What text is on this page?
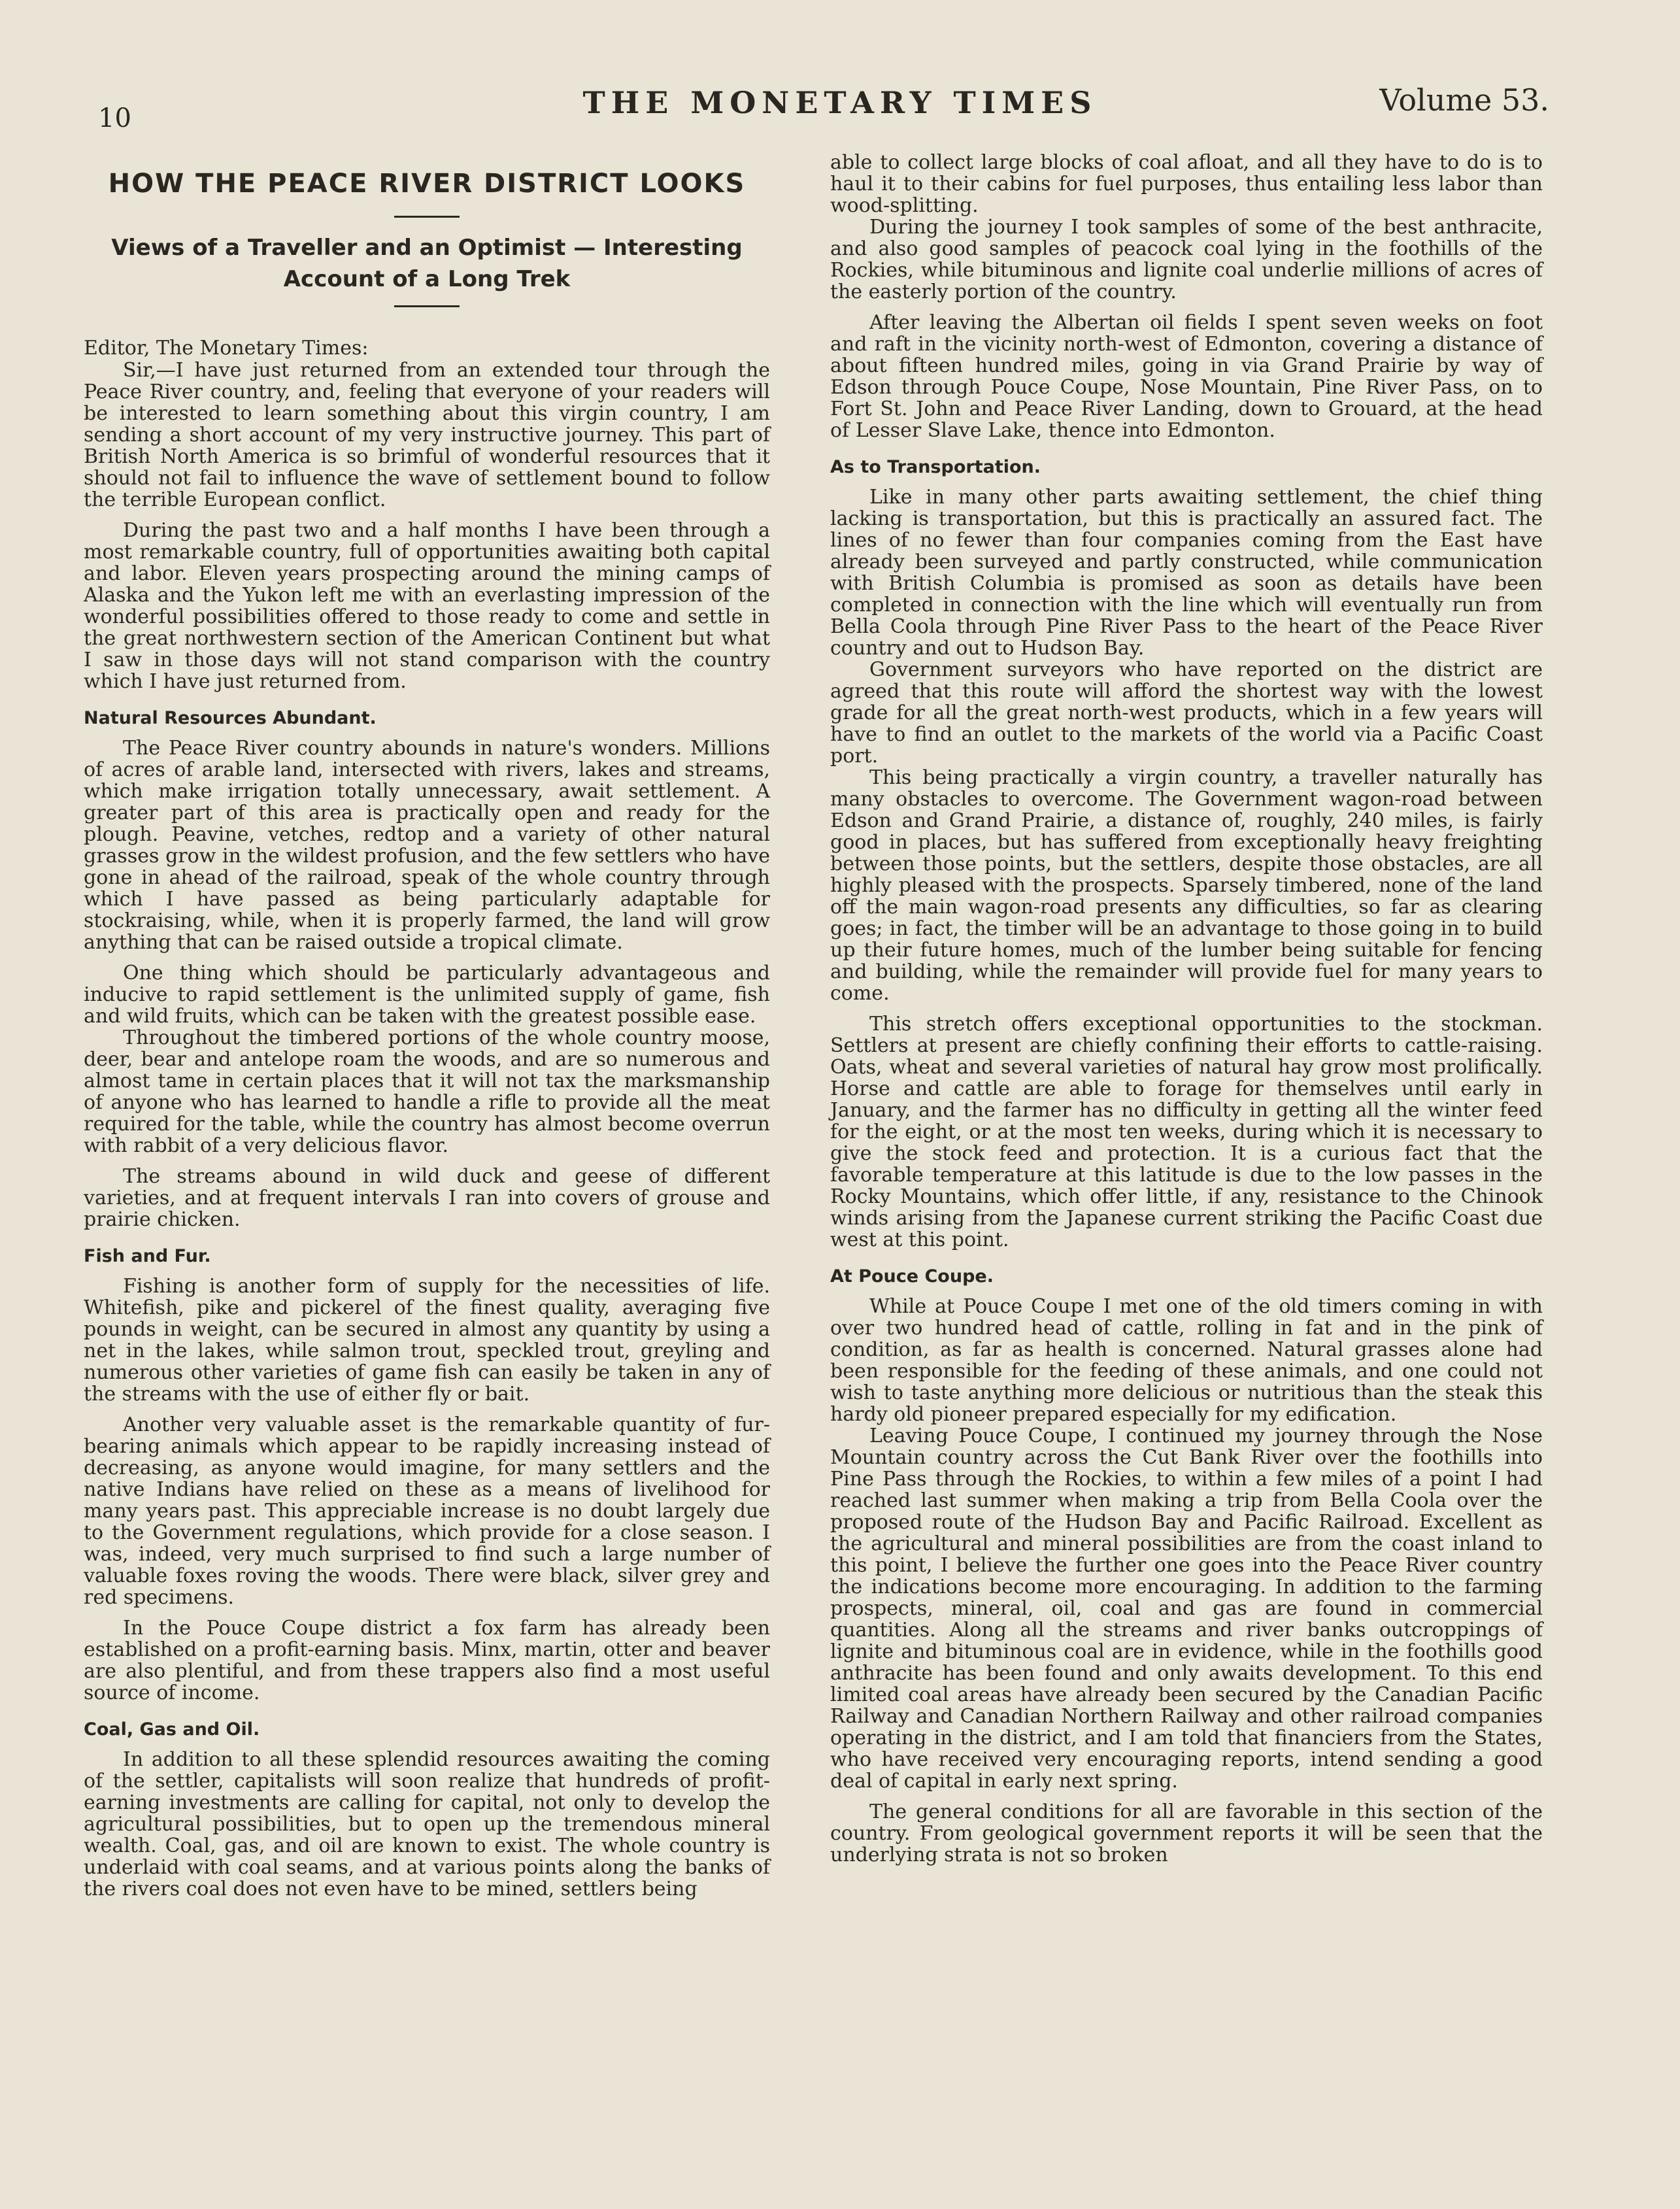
10	THE MONETARY TIMES	Volume 53.
HOW THE PEACE RIVER DISTRICT LOOKS
Views of a Traveller and an Optimist — Interesting
Account of a Long Trek
Editor, The Monetary Times:

Sir,—I have just returned from an extended tour through the Peace River country, and, feeling that everyone of your readers will be interested to learn something about this virgin country, I am sending a short account of my very instructive journey. This part of British North America is so brimful of wonderful resources that it should not fail to influence the wave of settlement bound to follow the terrible European conflict.

During the past two and a half months I have been through a most remarkable country, full of opportunities awaiting both capital and labor. Eleven years prospecting around the mining camps of Alaska and the Yukon left me with an everlasting impression of the wonderful possibilities offered to those ready to come and settle in the great northwestern section of the American Continent but what I saw in those days will not stand comparison with the country which I have just returned from.

Natural Resources Abundant.

The Peace River country abounds in nature's wonders. Millions of acres of arable land, intersected with rivers, lakes and streams, which make irrigation totally unnecessary, await settlement. A greater part of this area is practically open and ready for the plough. Peavine, vetches, redtop and a variety of other natural grasses grow in the wildest profusion, and the few settlers who have gone in ahead of the railroad, speak of the whole country through which I have passed as being particularly adaptable for stockraising, while, when it is properly farmed, the land will grow anything that can be raised outside a tropical climate.

One thing which should be particularly advantageous and inducive to rapid settlement is the unlimited supply of game, fish and wild fruits, which can be taken with the greatest possible ease.

Throughout the timbered portions of the whole country moose, deer, bear and antelope roam the woods, and are so numerous and almost tame in certain places that it will not tax the marksmanship of anyone who has learned to handle a rifle to provide all the meat required for the table, while the country has almost become overrun with rabbit of a very delicious flavor.

The streams abound in wild duck and geese of different varieties, and at frequent intervals I ran into covers of grouse and prairie chicken.

Fish and Fur.

Fishing is another form of supply for the necessities of life. Whitefish, pike and pickerel of the finest quality, averaging five pounds in weight, can be secured in almost any quantity by using a net in the lakes, while salmon trout, speckled trout, greyling and numerous other varieties of game fish can easily be taken in any of the streams with the use of either fly or bait.

Another very valuable asset is the remarkable quantity of fur-bearing animals which appear to be rapidly increasing instead of decreasing, as anyone would imagine, for many settlers and the native Indians have relied on these as a means of livelihood for many years past. This appreciable increase is no doubt largely due to the Government regulations, which provide for a close season. I was, indeed, very much surprised to find such a large number of valuable foxes roving the woods. There were black, silver grey and red specimens.

In the Pouce Coupe district a fox farm has already been established on a profit-earning basis. Minx, martin, otter and beaver are also plentiful, and from these trappers also find a most useful source of income.

Coal, Gas and Oil.

In addition to all these splendid resources awaiting the coming of the settler, capitalists will soon realize that hundreds of profit-earning investments are calling for capital, not only to develop the agricultural possibilities, but to open up the tremendous mineral wealth. Coal, gas, and oil are known to exist. The whole country is underlaid with coal seams, and at various points along the banks of the rivers coal does not even have to be mined, settlers being

able to collect large blocks of coal afloat, and all they have to do is to haul it to their cabins for fuel purposes, thus entailing less labor than wood-splitting.

During the journey I took samples of some of the best anthracite, and also good samples of peacock coal lying in the foothills of the Rockies, while bituminous and lignite coal underlie millions of acres of the easterly portion of the country.

After leaving the Albertan oil fields I spent seven weeks on foot and raft in the vicinity north-west of Edmonton, covering a distance of about fifteen hundred miles, going in via Grand Prairie by way of Edson through Pouce Coupe, Nose Mountain, Pine River Pass, on to Fort St. John and Peace River Landing, down to Grouard, at the head of Lesser Slave Lake, thence into Edmonton.

As to Transportation.

Like in many other parts awaiting settlement, the chief thing lacking is transportation, but this is practically an assured fact. The lines of no fewer than four companies coming from the East have already been surveyed and partly constructed, while communication with British Columbia is promised as soon as details have been completed in connection with the line which will eventually run from Bella Coola through Pine River Pass to the heart of the Peace River country and out to Hudson Bay.

Government surveyors who have reported on the district are agreed that this route will afford the shortest way with the lowest grade for all the great north-west products, which in a few years will have to find an outlet to the markets of the world via a Pacific Coast port.

This being practically a virgin country, a traveller naturally has many obstacles to overcome. The Government wagon-road between Edson and Grand Prairie, a distance of, roughly, 240 miles, is fairly good in places, but has suffered from exceptionally heavy freighting between those points, but the settlers, despite those obstacles, are all highly pleased with the prospects. Sparsely timbered, none of the land off the main wagon-road presents any difficulties, so far as clearing goes; in fact, the timber will be an advantage to those going in to build up their future homes, much of the lumber being suitable for fencing and building, while the remainder will provide fuel for many years to come.

This stretch offers exceptional opportunities to the stockman. Settlers at present are chiefly confining their efforts to cattle-raising. Oats, wheat and several varieties of natural hay grow most prolifically. Horse and cattle are able to forage for themselves until early in January, and the farmer has no difficulty in getting all the winter feed for the eight, or at the most ten weeks, during which it is necessary to give the stock feed and protection. It is a curious fact that the favorable temperature at this latitude is due to the low passes in the Rocky Mountains, which offer little, if any, resistance to the Chinook winds arising from the Japanese current striking the Pacific Coast due west at this point.

At Pouce Coupe.

While at Pouce Coupe I met one of the old timers coming in with over two hundred head of cattle, rolling in fat and in the pink of condition, as far as health is concerned. Natural grasses alone had been responsible for the feeding of these animals, and one could not wish to taste anything more delicious or nutritious than the steak this hardy old pioneer prepared especially for my edification.

Leaving Pouce Coupe, I continued my journey through the Nose Mountain country across the Cut Bank River over the foothills into Pine Pass through the Rockies, to within a few miles of a point I had reached last summer when making a trip from Bella Coola over the proposed route of the Hudson Bay and Pacific Railroad. Excellent as the agricultural and mineral possibilities are from the coast inland to this point, I believe the further one goes into the Peace River country the indications become more encouraging. In addition to the farming prospects, mineral, oil, coal and gas are found in commercial quantities. Along all the streams and river banks outcroppings of lignite and bituminous coal are in evidence, while in the foothills good anthracite has been found and only awaits development. To this end limited coal areas have already been secured by the Canadian Pacific Railway and Canadian Northern Railway and other railroad companies operating in the district, and I am told that financiers from the States, who have received very encouraging reports, intend sending a good deal of capital in early next spring.

The general conditions for all are favorable in this section of the country. From geological government reports it will be seen that the underlying strata is not so broken
